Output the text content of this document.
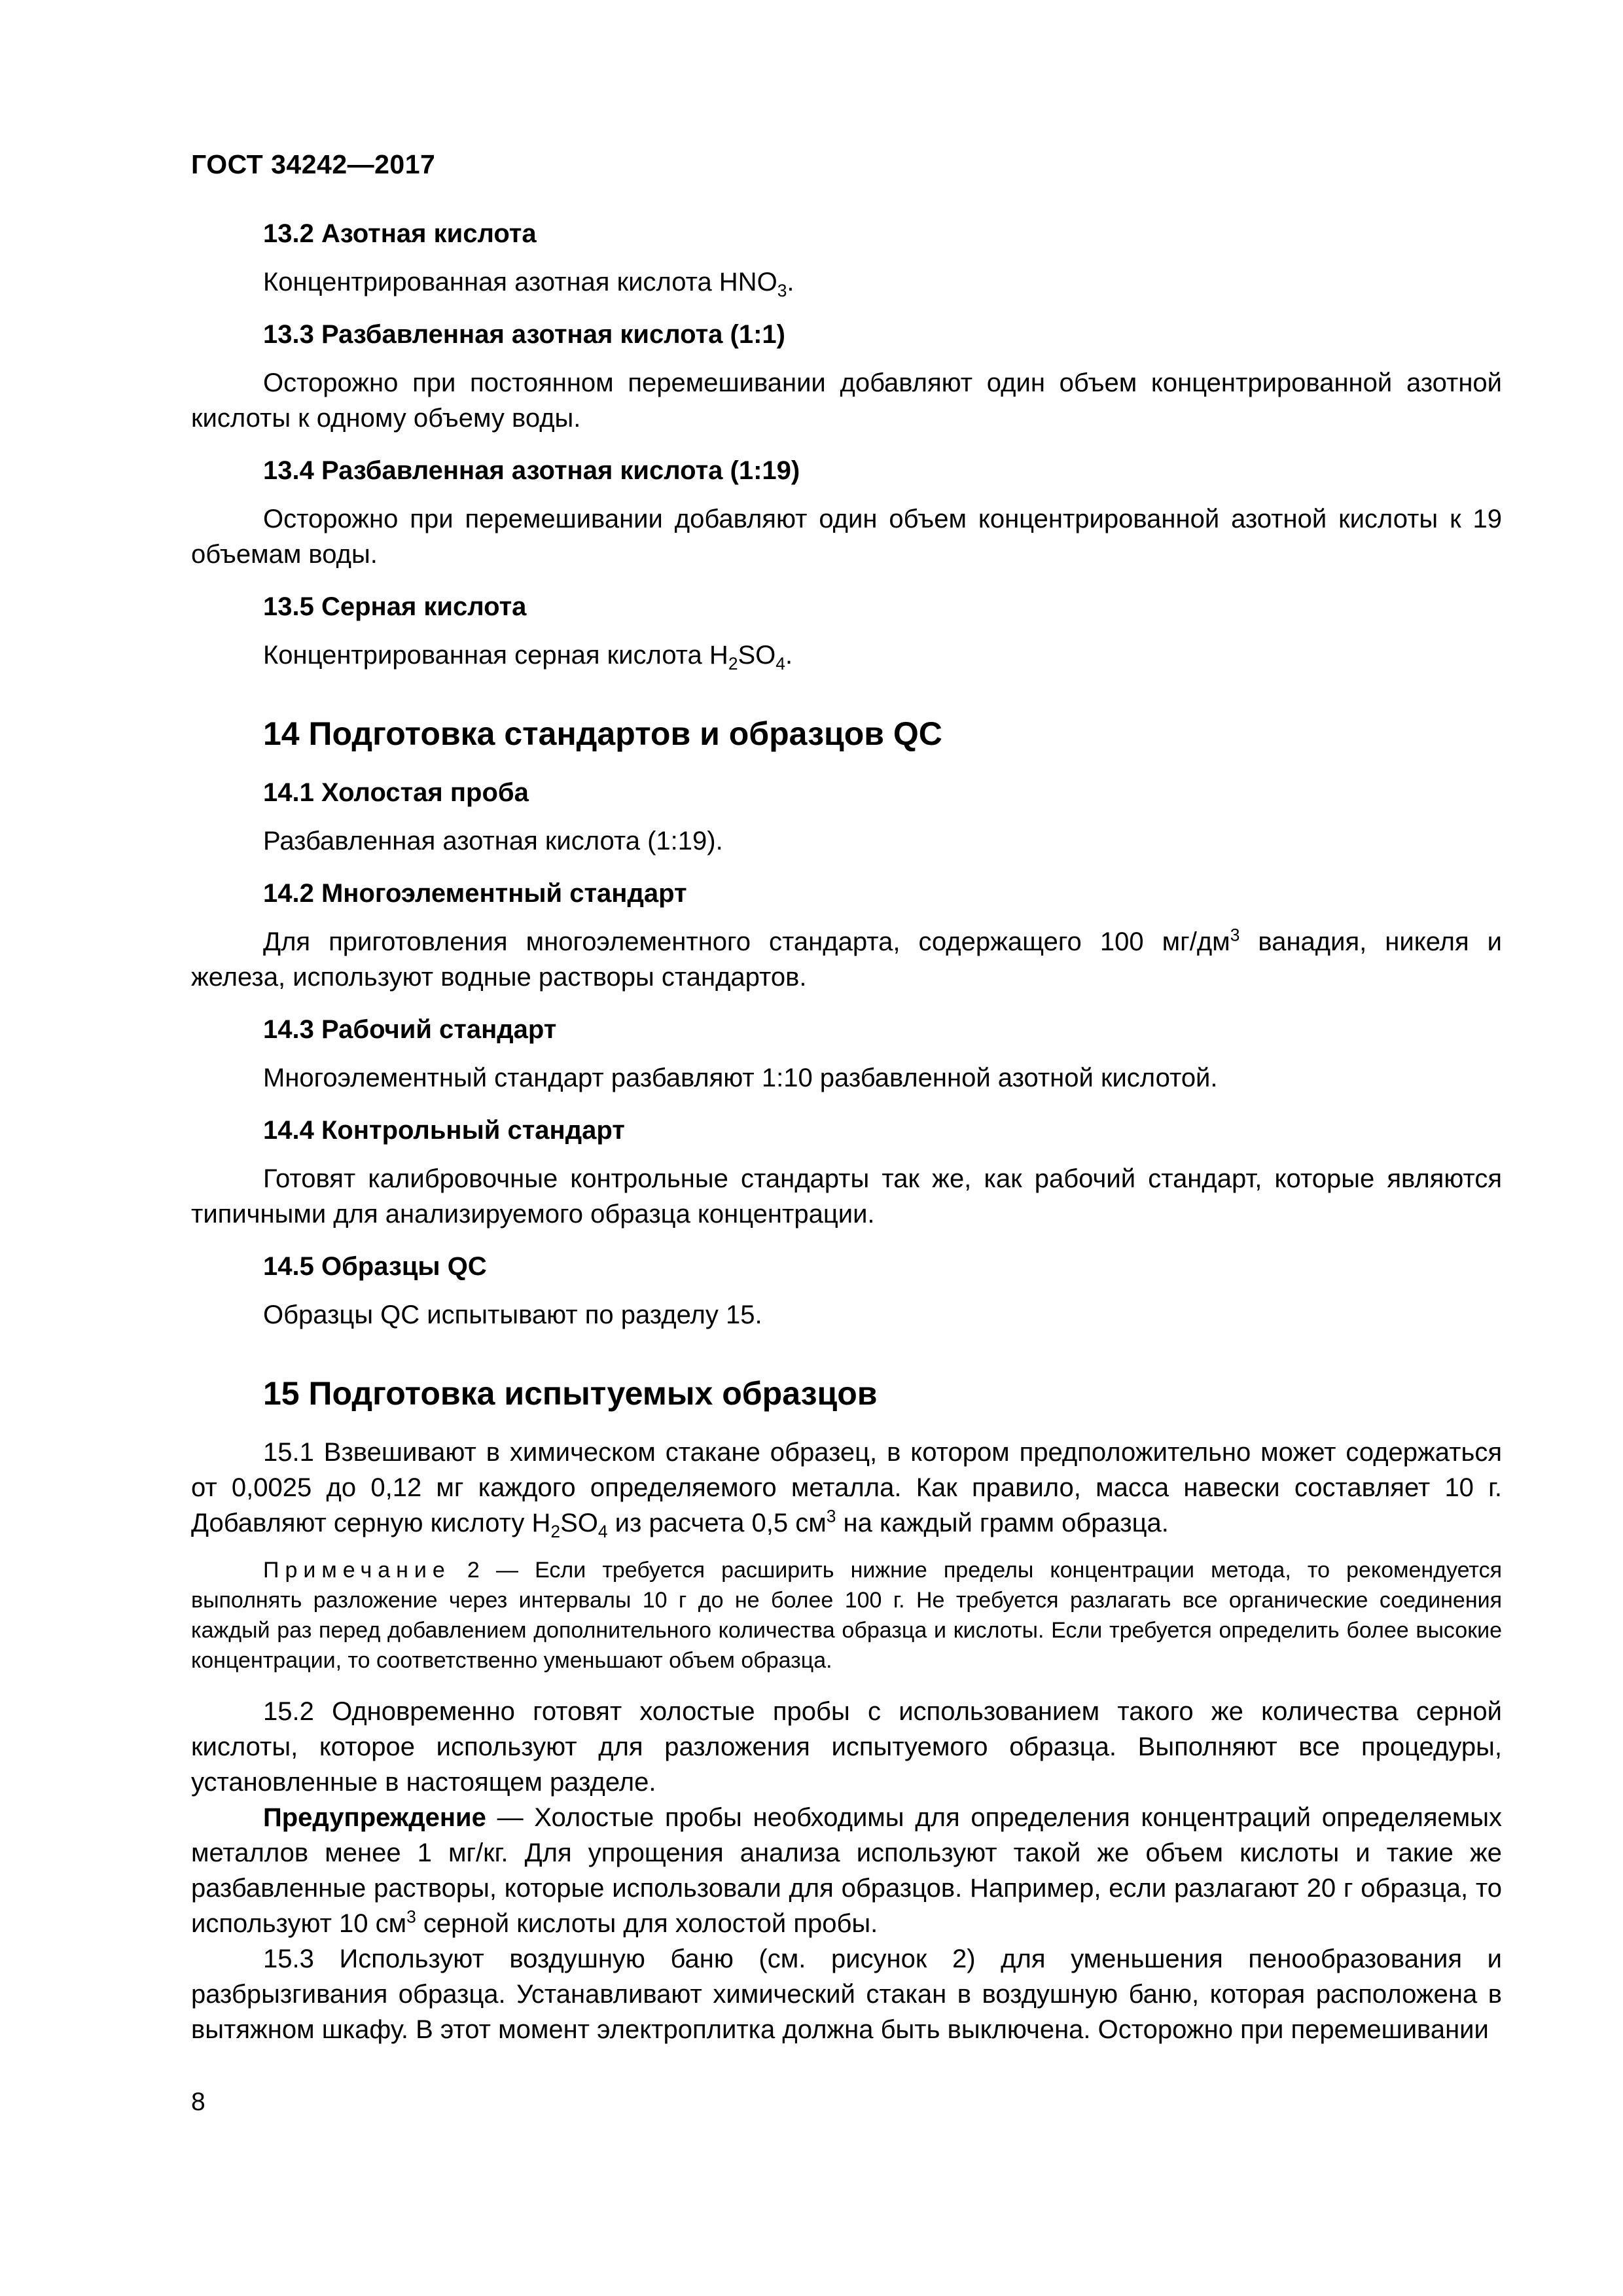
ГОСТ 34242—2017

13.2 Азотная кислота

Концентрированная азотная кислота $HNO_3$.

13.3 Разбавленная азотная кислота (1:1)

Осторожно при постоянном перемешивании добавляют один объем концентрированной азотной кислоты к одному объему воды.

13.4 Разбавленная азотная кислота (1:19)

Осторожно при перемешивании добавляют один объем концентрированной азотной кислоты к 19 объемам воды.

13.5 Серная кислота

Концентрированная серная кислота $H_2SO_4$.

14 Подготовка стандартов и образцов QC

14.1 Холостая проба

Разбавленная азотная кислота (1:19).

14.2 Многоэлементный стандарт

Для приготовления многоэлементного стандарта, содержащего 100 $мг/дм^3$ ванадия, никеля и железа, используют водные растворы стандартов.

14.3 Рабочий стандарт

Многоэлементный стандарт разбавляют 1:10 разбавленной азотной кислотой.

14.4 Контрольный стандарт

Готовят калибровочные контрольные стандарты так же, как рабочий стандарт, которые являются типичными для анализируемого образца концентрации.

14.5 Образцы QC

Образцы QC испытывают по разделу 15.

15 Подготовка испытуемых образцов

15.1 Взвешивают в химическом стакане образец, в котором предположительно может содержаться от 0,0025 до 0,12 мг каждого определяемого металла. Как правило, масса навески составляет 10 г. Добавляют серную кислоту $H_2SO_4$ из расчета 0,5 $см^3$ на каждый грамм образца.

Примечание 2 — Если требуется расширить нижние пределы концентрации метода, то рекомендуется выполнять разложение через интервалы 10 г до не более 100 г. Не требуется разлагать все органические соединения каждый раз перед добавлением дополнительного количества образца и кислоты. Если требуется определить более высокие концентрации, то соответственно уменьшают объем образца.

15.2 Одновременно готовят холостые пробы с использованием такого же количества серной кислоты, которое используют для разложения испытуемого образца. Выполняют все процедуры, установленные в настоящем разделе.

Предупреждение — Холостые пробы необходимы для определения концентраций определяемых металлов менее 1 мг/кг. Для упрощения анализа используют такой же объем кислоты и такие же разбавленные растворы, которые использовали для образцов. Например, если разлагают 20 г образца, то используют 10 $см^3$ серной кислоты для холостой пробы.

15.3 Используют воздушную баню (см. рисунок 2) для уменьшения пенообразования и разбрызгивания образца. Устанавливают химический стакан в воздушную баню, которая расположена в вытяжном шкафу. В этот момент электроплитка должна быть выключена. Осторожно при перемешивании

8
